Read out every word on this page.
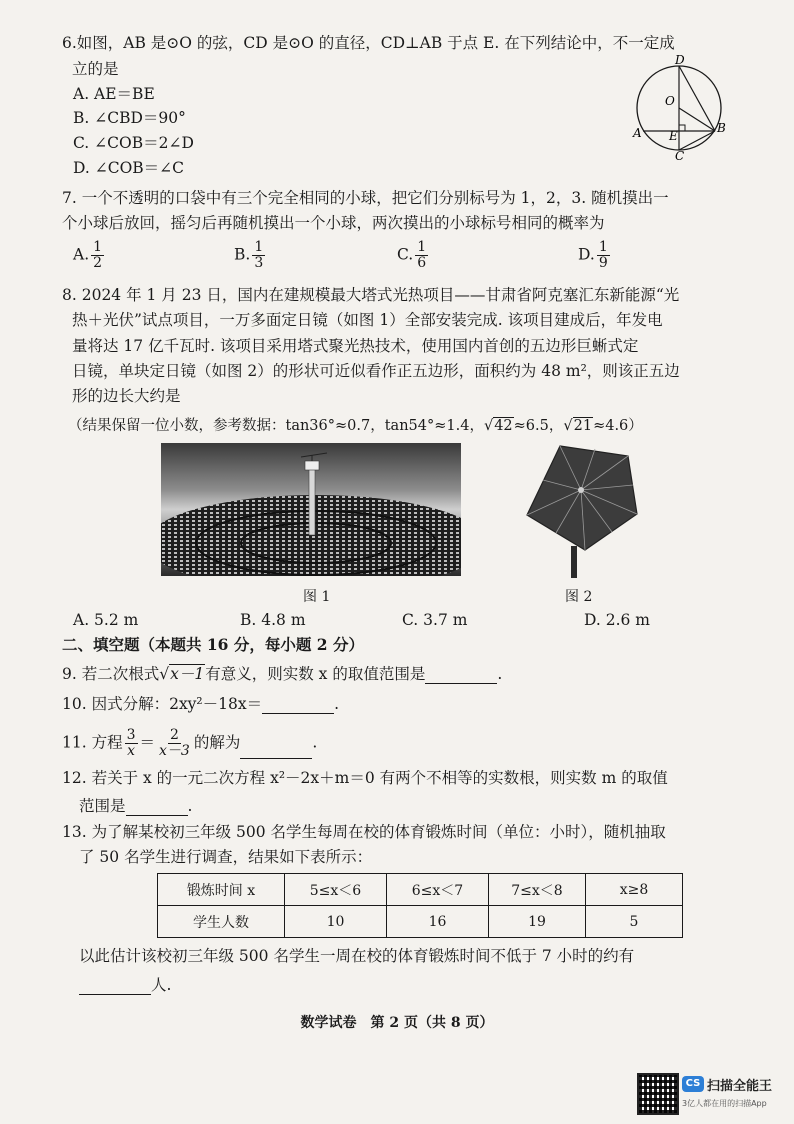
6.如图，AB 是⊙O 的弦，CD 是⊙O 的直径，CD⊥AB 于点 E. 在下列结论中，不一定成
立的是
A. AE＝BE
B. ∠CBD＝90°
C. ∠COB＝2∠D
D. ∠COB＝∠C
D
O
A E
B
C
7. 一个不透明的口袋中有三个完全相同的小球，把它们分别标号为 1，2，3. 随机摸出一
个小球后放回，摇匀后再随机摸出一个小球，两次摸出的小球标号相同的概率为
A. $\frac{1}{2}$	B. $\frac{1}{3}$	C. $\frac{1}{6}$	D. $\frac{1}{9}$
8. 2024 年 1 月 23 日，国内在建规模最大塔式光热项目——甘肃省阿克塞汇东新能源“光
热＋光伏”试点项目，一万多面定日镜（如图 1）全部安装完成. 该项目建成后，年发电
量将达 17 亿千瓦时. 该项目采用塔式聚光热技术，使用国内首创的五边形巨蜥式定
日镜，单块定日镜（如图 2）的形状可近似看作正五边形，面积约为 48 m²，则该正五边
形的边长大约是
（结果保留一位小数，参考数据：tan36°≈0.7，tan54°≈1.4，√42≈6.5，√21≈4.6）
图 1	图 2
A. 5.2 m	B. 4.8 m	C. 3.7 m	D. 2.6 m
二、填空题（本题共 16 分，每小题 2 分）
9. 若二次根式√x－1有意义，则实数 x 的取值范围是	.
10. 因式分解：2xy²－18x＝	.
11. 方程 $\frac{3}{x} = \frac{2}{x-3}$ 的解为	.
12. 若关于 x 的一元二次方程 x²－2x＋m＝0 有两个不相等的实数根，则实数 m 的取值
范围是	.
13. 为了解某校初三年级 500 名学生每周在校的体育锻炼时间（单位：小时），随机抽取
了 50 名学生进行调查，结果如下表所示：
锻炼时间 x	5≤x＜6	6≤x＜7	7≤x＜8	x≥8
学生人数	10	16	19	5
以此估计该校初三年级 500 名学生一周在校的体育锻炼时间不低于 7 小时的约有
人.
数学试卷　第 2 页（共 8 页）
CS 扫描全能王
3亿人都在用的扫描App
